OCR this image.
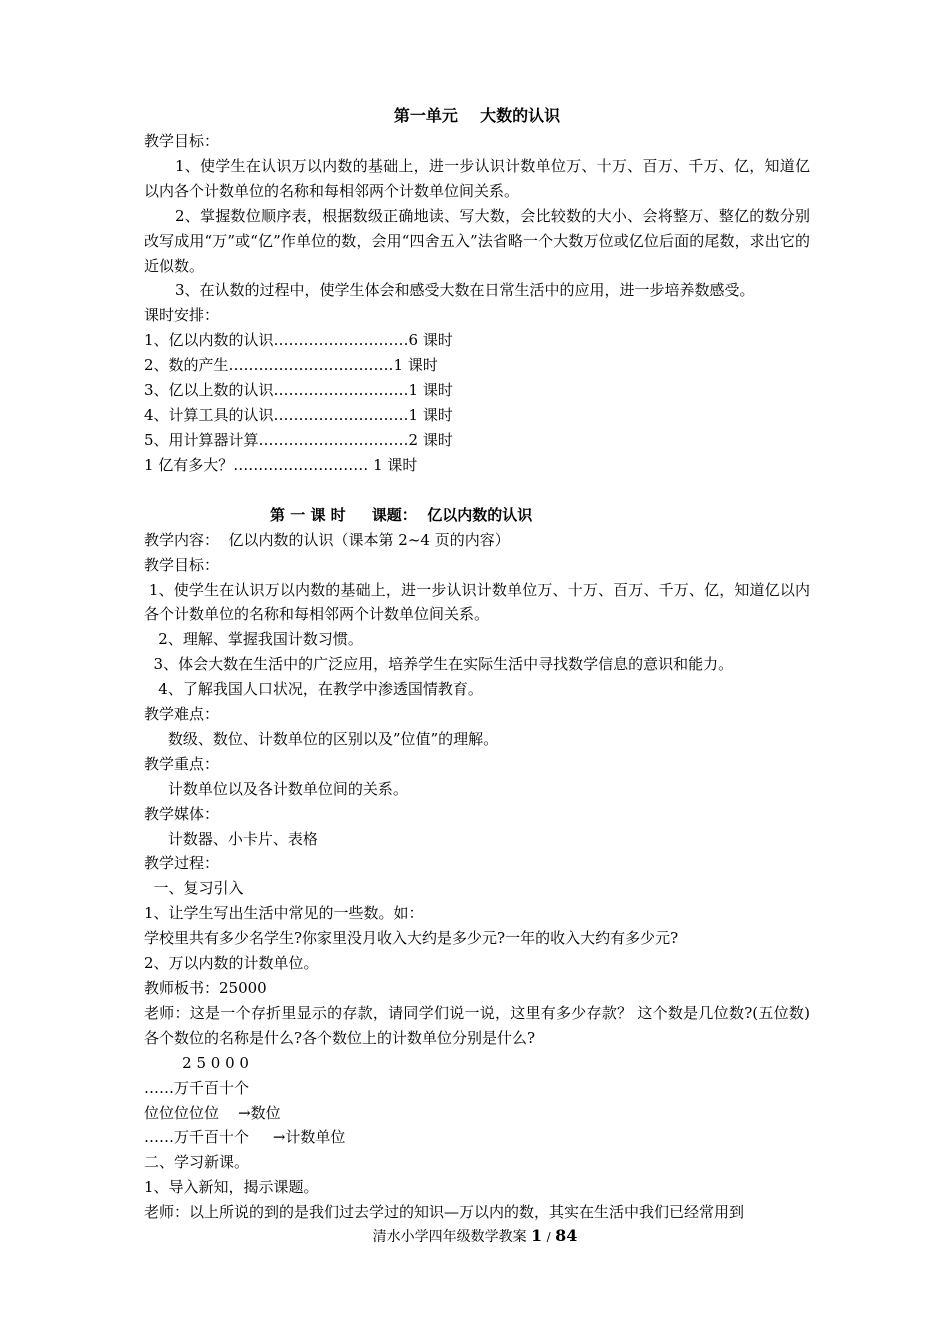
第一单元    大数的认识
教学目标：
1、使学生在认识万以内数的基础上，进一步认识计数单位万、十万、百万、千万、亿，知道亿以内各个计数单位的名称和每相邻两个计数单位间关系。
2、掌握数位顺序表，根据数级正确地读、写大数，会比较数的大小、会将整万、整亿的数分别改写成用“万”或“亿”作单位的数，会用“四舍五入”法省略一个大数万位或亿位后面的尾数，求出它的近似数。
3、在认数的过程中，使学生体会和感受大数在日常生活中的应用，进一步培养数感受。
课时安排：
1、亿以内数的认识………………………6 课时
2、数的产生……………………………1 课时
3、亿以上数的认识………………………1 课时
4、计算工具的认识………………………1 课时
5、用计算器计算…………………………2 课时
1 亿有多大？……………………… 1 课时
第 一 课 时     课题：  亿以内数的认识
教学内容：  亿以内数的认识（课本第 2~4 页的内容）
教学目标：
1、使学生在认识万以内数的基础上，进一步认识计数单位万、十万、百万、千万、亿，知道亿以内各个计数单位的名称和每相邻两个计数单位间关系。
2、理解、掌握我国计数习惯。
3、体会大数在生活中的广泛应用，培养学生在实际生活中寻找数学信息的意识和能力。
4、了解我国人口状况，在教学中渗透国情教育。
教学难点：
数级、数位、计数单位的区别以及”位值”的理解。
教学重点：
计数单位以及各计数单位间的关系。
教学媒体：
计数器、小卡片、表格
教学过程：
一、复习引入
1、让学生写出生活中常见的一些数。如：
学校里共有多少名学生?你家里没月收入大约是多少元?一年的收入大约有多少元?
2、万以内数的计数单位。
教师板书：25000
老师：这是一个存折里显示的存款，请同学们说一说，这里有多少存款？ 这个数是几位数?(五位数)各个数位的名称是什么?各个数位上的计数单位分别是什么?
2 5 0 0 0
……万千百十个
位位位位位    →数位
……万千百十个     →计数单位
二、学习新课。
1、导入新知，揭示课题。
老师：以上所说的到的是我们过去学过的知识—万以内的数，其实在生活中我们已经常用到
清水小学四年级数学教案 1 / 84
